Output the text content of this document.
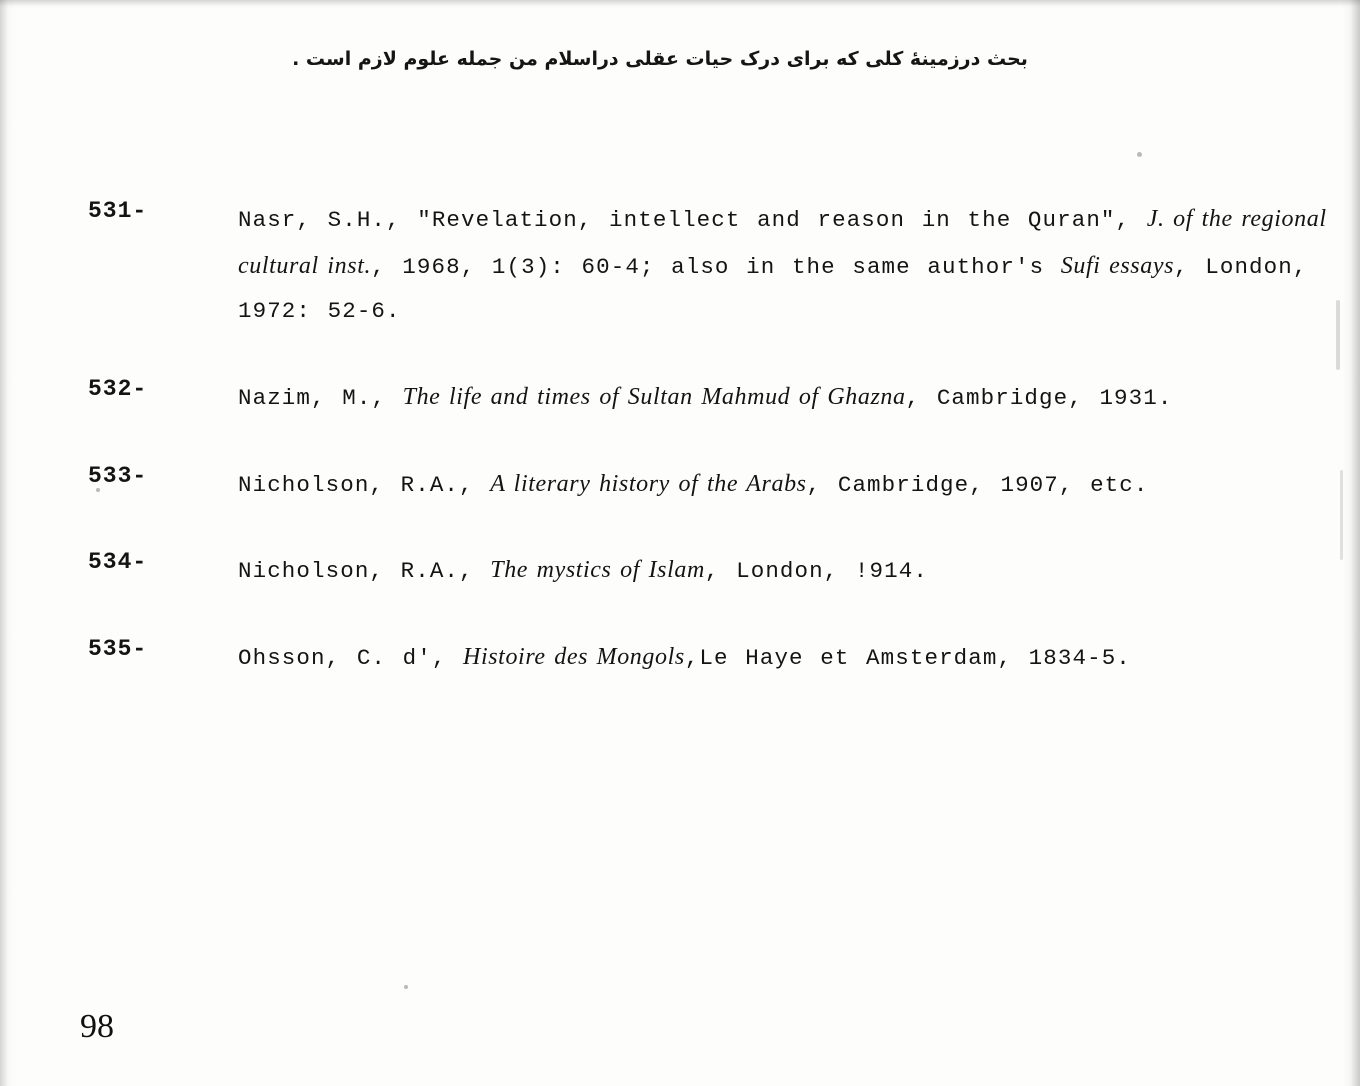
بحث درزمینهٔ کلی که برای درک حیات عقلی دراسلام من جمله علوم لازم است .
531-	Nasr, S.H., "Revelation, intellect and reason in the Quran", J. of the regional cultural inst., 1968, 1(3): 60-4; also in the same author's Sufi essays, London, 1972: 52-6.
532-	Nazim, M., The life and times of Sultan Mahmud of Ghazna, Cambridge, 1931.
533-	Nicholson, R.A., A literary history of the Arabs, Cambridge, 1907, etc.
534-	Nicholson, R.A., The mystics of Islam, London, !914.
535-	Ohsson, C. d', Histoire des Mongols,Le Haye et Amsterdam, 1834-5.
98
